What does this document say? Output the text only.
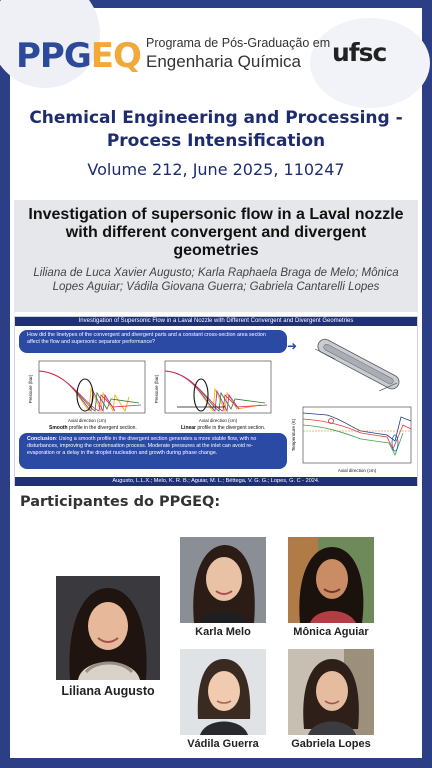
PPGEQ Programa de Pós-Graduação em
Engenharia Química ufsc
Chemical Engineering and Processing -
Process Intensification
Volume 212, June 2025, 110247
Investigation of supersonic flow in a Laval nozzle with different convergent and divergent geometries
Liliana de Luca Xavier Augusto; Karla Raphaela Braga de Melo; Mônica Lopes Aguiar; Vádila Giovana Guerra; Gabriela Cantarelli Lopes
Investigation of Supersonic Flow in a Laval Nozzle with Different Convergent and Divergent Geometries
How did the linetypes of the convergent and divergent parts and a constant cross-section area section affect the flow and supersonic separator performance?	➜
Axial direction (cm)
Pressure (bar)
Smooth profile in the divergent section.
Axial direction (cm)
Pressure (bar)
Linear profile in the divergent section.
Axial direction (cm)
Temperature (K)
Conclusion: Using a smooth profile in the divergent section generates a more stable flow, with no disturbances, improving the condensation process. Moderate pressures at the inlet can avoid re-evaporation or a delay in the droplet nucleation and growth during phase change.
Augusto, L.L.X.; Melo, K. R. B.; Aguiar, M. L.; Béttega, V. G. G.; Lopes, G. C - 2024.
Participantes do PPGEQ:
Karla Melo	Mônica Aguiar
Liliana Augusto
Vádila Guerra	Gabriela Lopes
